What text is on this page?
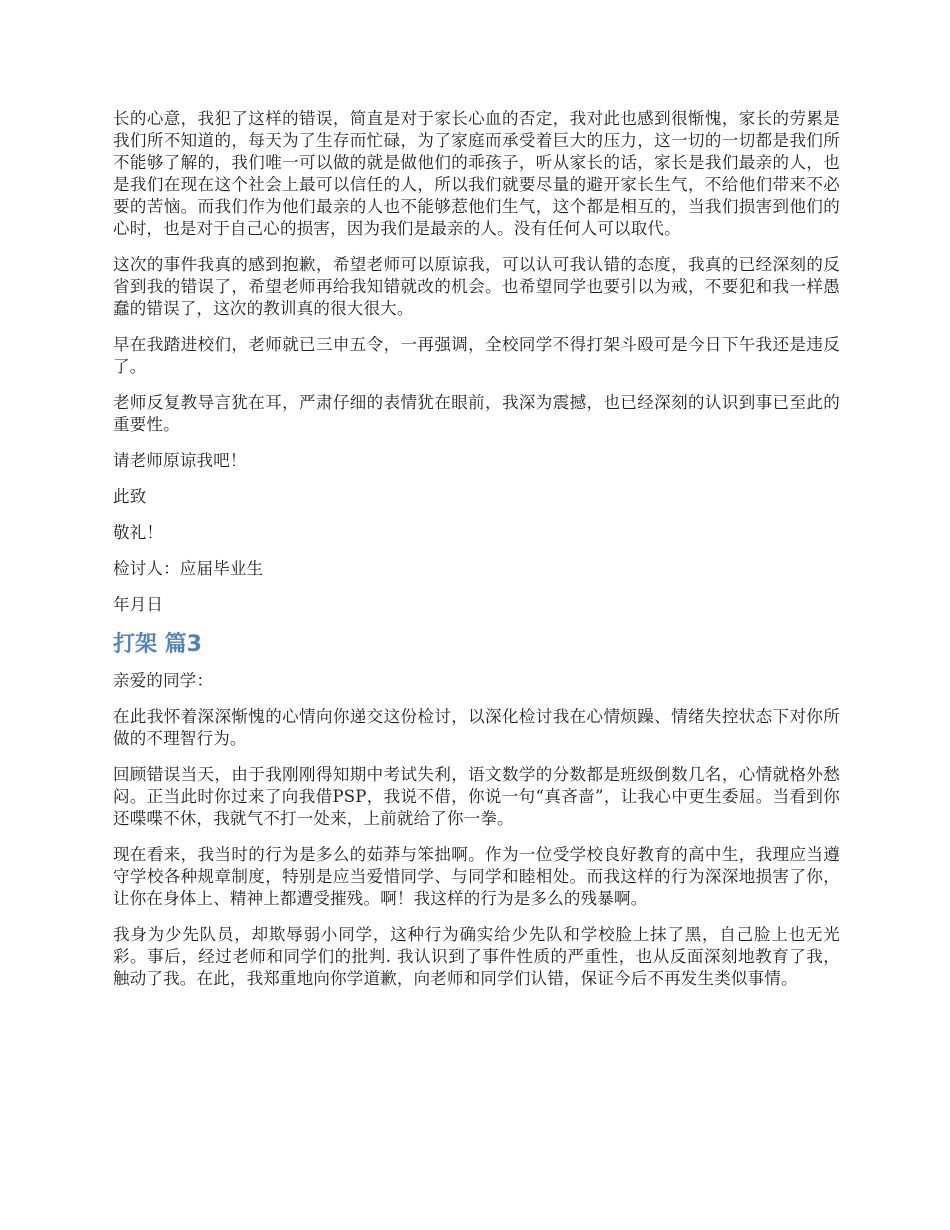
长的心意，我犯了这样的错误，简直是对于家长心血的否定，我对此也感到很惭愧，家长的劳累是我们所不知道的，每天为了生存而忙碌，为了家庭而承受着巨大的压力，这一切的一切都是我们所不能够了解的，我们唯一可以做的就是做他们的乖孩子，听从家长的话，家长是我们最亲的人，也是我们在现在这个社会上最可以信任的人，所以我们就要尽量的避开家长生气，不给他们带来不必要的苦恼。而我们作为他们最亲的人也不能够惹他们生气，这个都是相互的，当我们损害到他们的心时，也是对于自己心的损害，因为我们是最亲的人。没有任何人可以取代。

这次的事件我真的感到抱歉，希望老师可以原谅我，可以认可我认错的态度，我真的已经深刻的反省到我的错误了，希望老师再给我知错就改的机会。也希望同学也要引以为戒，不要犯和我一样愚蠢的错误了，这次的教训真的很大很大。

早在我踏进校们，老师就已三申五令，一再强调，全校同学不得打架斗殴可是今日下午我还是违反了。

老师反复教导言犹在耳，严肃仔细的表情犹在眼前，我深为震撼，也已经深刻的认识到事已至此的重要性。

请老师原谅我吧！

此致

敬礼！

检讨人：应届毕业生

年月日

打架 篇3

亲爱的同学：

在此我怀着深深惭愧的心情向你递交这份检讨，以深化检讨我在心情烦躁、情绪失控状态下对你所做的不理智行为。

回顾错误当天，由于我刚刚得知期中考试失利，语文数学的分数都是班级倒数几名，心情就格外愁闷。正当此时你过来了向我借PSP，我说不借，你说一句“真吝啬”，让我心中更生委屈。当看到你还喋喋不休，我就气不打一处来，上前就给了你一拳。

现在看来，我当时的行为是多么的茹莽与笨拙啊。作为一位受学校良好教育的高中生，我理应当遵守学校各种规章制度，特别是应当爱惜同学、与同学和睦相处。而我这样的行为深深地损害了你，让你在身体上、精神上都遭受摧残。啊！我这样的行为是多么的残暴啊。

我身为少先队员，却欺辱弱小同学，这种行为确实给少先队和学校脸上抹了黑，自己脸上也无光彩。事后，经过老师和同学们的批判. 我认识到了事件性质的严重性，也从反面深刻地教育了我，触动了我。在此，我郑重地向你学道歉，向老师和同学们认错，保证今后不再发生类似事情。
